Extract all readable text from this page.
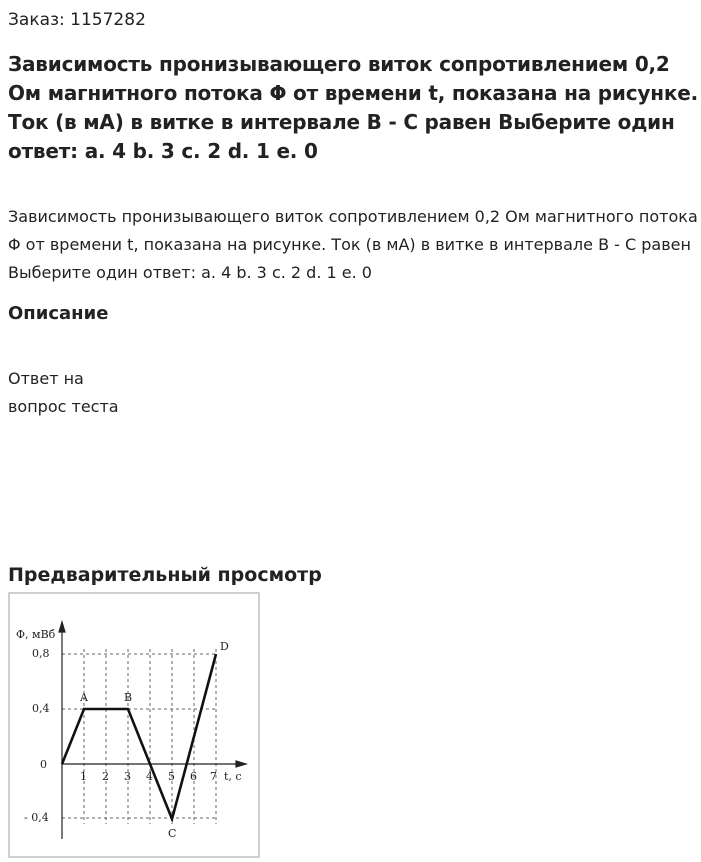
Заказ: 1157282
Зависимость пронизывающего виток сопротивлением 0,2 Ом магнитного потока Φ от времени t, показана на рисунке. Ток (в мА) в витке в интервале B - C равен Выберите один ответ: a. 4 b. 3 c. 2 d. 1 e. 0
Зависимость пронизывающего виток сопротивлением 0,2 Ом магнитного потока Φ от времени t, показана на рисунке. Ток (в мА) в витке в интервале B - C равен Выберите один ответ: a. 4 b. 3 c. 2 d. 1 e. 0
Описание
Ответ на
вопрос теста
Предварительный просмотр
Φ, мВб
t, c
0,8
0,4
0
- 0,4
1 2 3 4 5 6 7
A	B
C
D
